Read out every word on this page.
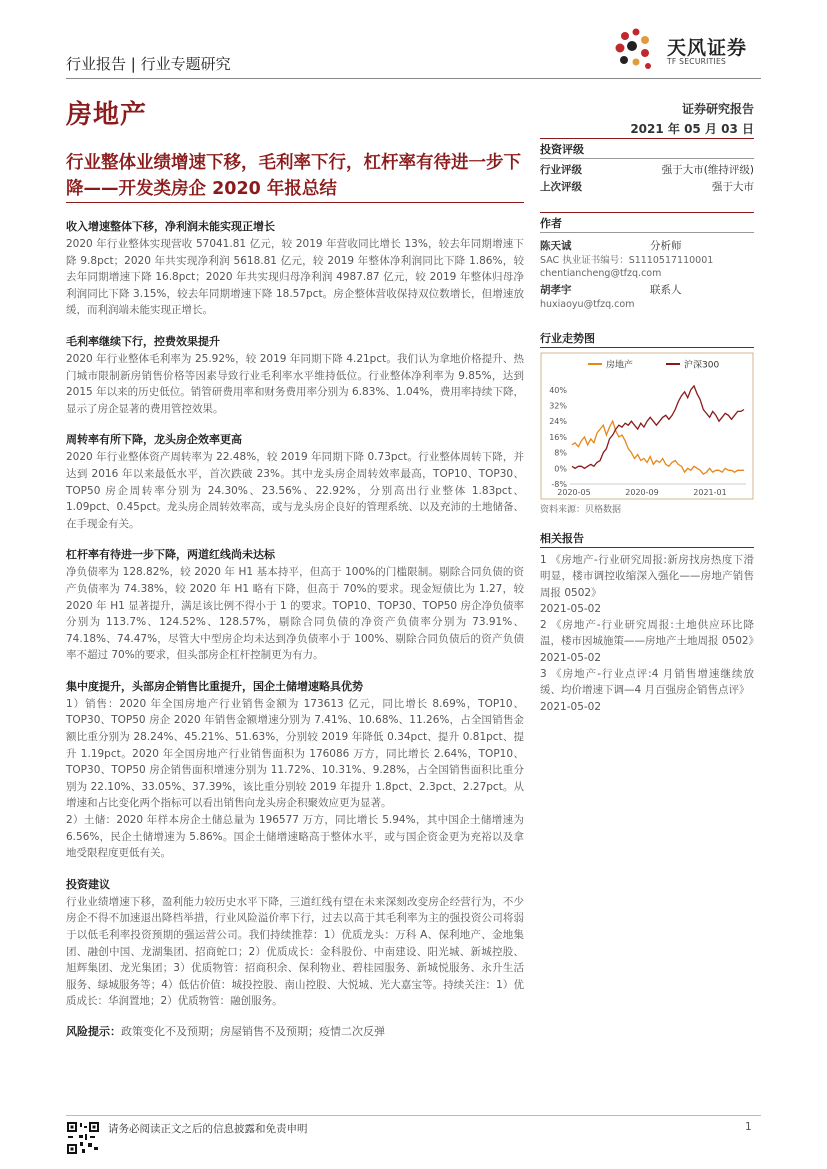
行业报告 | 行业专题研究
天风证券
TF SECURITIES
房地产	证券研究报告
2021 年 05 月 03 日
行业整体业绩增速下移，毛利率下行，杠杆率有待进一步下降——开发类房企 2020 年报总结
收入增速整体下移，净利润未能实现正增长

2020 年行业整体实现营收 57041.81 亿元，较 2019 年营收同比增长 13%，较去年同期增速下降 9.8pct；2020 年共实现净利润 5618.81 亿元，较 2019 年整体净利润同比下降 1.86%，较去年同期增速下降 16.8pct；2020 年共实现归母净利润 4987.87 亿元，较 2019 年整体归母净利润同比下降 3.15%，较去年同期增速下降 18.57pct。房企整体营收保持双位数增长，但增速放缓，而利润端未能实现正增长。

毛利率继续下行，控费效果提升

2020 年行业整体毛利率为 25.92%，较 2019 年同期下降 4.21pct。我们认为拿地价格提升、热门城市限制新房销售价格等因素导致行业毛利率水平维持低位。行业整体净利率为 9.85%，达到 2015 年以来的历史低位。销管研费用率和财务费用率分别为 6.83%、1.04%，费用率持续下降，显示了房企显著的费用管控效果。

周转率有所下降，龙头房企效率更高

2020 年行业整体资产周转率为 22.48%，较 2019 年同期下降 0.73pct。行业整体周转下降，并达到 2016 年以来最低水平，首次跌破 23%。其中龙头房企周转效率最高，TOP10、TOP30、TOP50 房企周转率分别为 24.30%、23.56%、22.92%，分别高出行业整体 1.83pct、1.09pct、0.45pct。龙头房企周转效率高，或与龙头房企良好的管理系统、以及充沛的土地储备、在手现金有关。

杠杆率有待进一步下降，两道红线尚未达标

净负债率为 128.82%，较 2020 年 H1 基本持平，但高于 100%的门槛限制。剔除合同负债的资产负债率为 74.38%，较 2020 年 H1 略有下降，但高于 70%的要求。现金短债比为 1.27，较 2020 年 H1 显著提升，满足该比例不得小于 1 的要求。TOP10、TOP30、TOP50 房企净负债率分别为 113.7%、124.52%、128.57%，剔除合同负债的净资产负债率分别为 73.91%、74.18%、74.47%，尽管大中型房企均未达到净负债率小于 100%、剔除合同负债后的资产负债率不超过 70%的要求，但头部房企杠杆控制更为有力。

集中度提升，头部房企销售比重提升，国企土储增速略具优势

1）销售：2020 年全国房地产行业销售金额为 173613 亿元，同比增长 8.69%，TOP10、TOP30、TOP50 房企 2020 年销售金额增速分别为 7.41%、10.68%、11.26%，占全国销售金额比重分别为 28.24%、45.21%、51.63%，分别较 2019 年降低 0.34pct、提升 0.81pct、提升 1.19pct。2020 年全国房地产行业销售面积为 176086 万方，同比增长 2.64%，TOP10、TOP30、TOP50 房企销售面积增速分别为 11.72%、10.31%、9.28%，占全国销售面积比重分别为 22.10%、33.05%、37.39%，该比重分别较 2019 年提升 1.8pct、2.3pct、2.27pct。从增速和占比变化两个指标可以看出销售向龙头房企积聚效应更为显著。

2）土储：2020 年样本房企土储总量为 196577 万方，同比增长 5.94%，其中国企土储增速为 6.56%，民企土储增速为 5.86%。国企土储增速略高于整体水平，或与国企资金更为充裕以及拿地受限程度更低有关。

投资建议

行业业绩增速下移，盈利能力较历史水平下降，三道红线有望在未来深刻改变房企经营行为，不少房企不得不加速退出降档举措，行业风险溢价率下行，过去以高于其毛利率为主的强投资公司将弱于以低毛利率投资预期的强运营公司。我们持续推荐：1）优质龙头：万科 A、保利地产、金地集团、融创中国、龙湖集团、招商蛇口；2）优质成长：金科股份、中南建设、阳光城、新城控股、旭辉集团、龙光集团；3）优质物管：招商积余、保利物业、碧桂园服务、新城悦服务、永升生活服务、绿城服务等；4）低估价值：城投控股、南山控股、大悦城、光大嘉宝等。持续关注：1）优质成长：华润置地；2）优质物管：融创服务。

风险提示：政策变化不及预期；房屋销售不及预期；疫情二次反弹
投资评级
行业评级	强于大市(维持评级)
上次评级	强于大市
作者
陈天诚	分析师
SAC 执业证书编号：S1110517110001
chentiancheng@tfzq.com
胡孝宇	联系人
huxiaoyu@tfzq.com
行业走势图
房地产	沪深300
40%
32%
24%
16%
8%
0%
-8%
2020-05	2020-09	2021-01
资料来源：贝格数据
相关报告
1 《房地产-行业研究周报:新房找房热度下滑明显，楼市调控收缩深入强化——房地产销售周报 0502》
2021-05-02
2 《房地产-行业研究周报:土地供应环比降温，楼市因城施策——房地产土地周报 0502》
2021-05-02
3 《房地产-行业点评:4 月销售增速继续放缓、均价增速下调—4 月百强房企销售点评》
2021-05-02
请务必阅读正文之后的信息披露和免责申明	1
